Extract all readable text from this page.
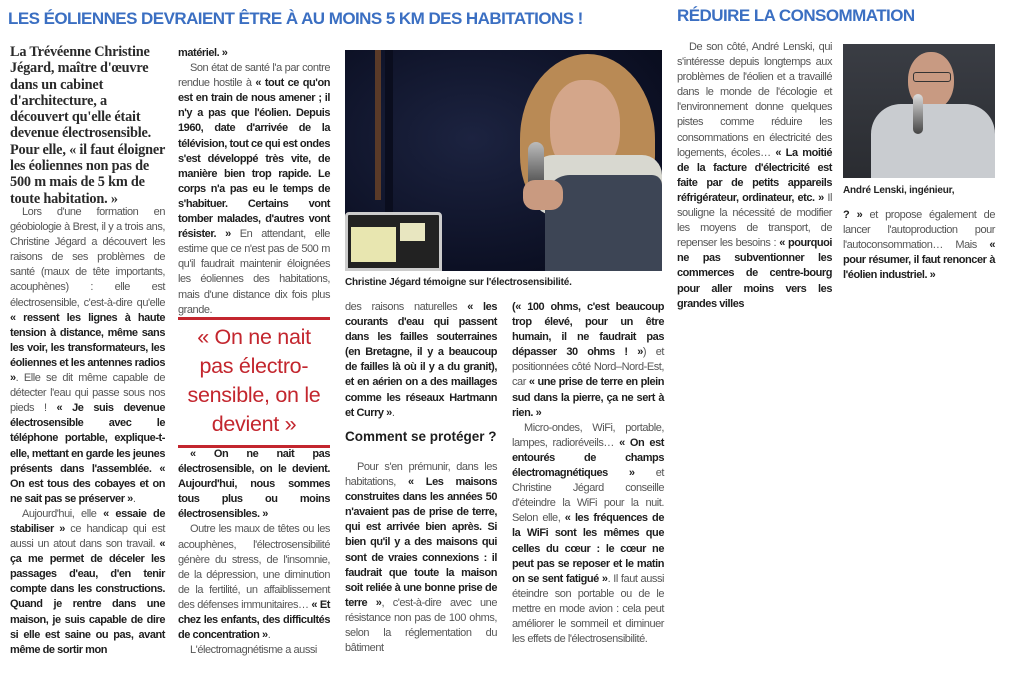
LES ÉOLIENNES DEVRAIENT ÊTRE À AU MOINS 5 KM DES HABITATIONS !	RÉDUIRE LA CONSOMMATION
La Trévéenne Christine Jégard, maître d'œuvre dans un cabinet d'architecture, a découvert qu'elle était devenue électrosensible. Pour elle, « il faut éloigner les éoliennes non pas de 500 m mais de 5 km de toute habitation. »

Lors d'une formation en géobiologie à Brest, il y a trois ans, Christine Jégard a découvert les raisons de ses problèmes de santé (maux de tête importants, acouphènes) : elle est électrosensible, c'est-à-dire qu'elle « ressent les lignes à haute tension à distance, même sans les voir, les transformateurs, les éoliennes et les antennes radios ». Elle se dit même capable de détecter l'eau qui passe sous nos pieds ! « Je suis devenue électrosensible avec le téléphone portable, explique-t-elle, mettant en garde les jeunes présents dans l'assemblée. « On est tous des cobayes et on ne sait pas se préserver ».

Aujourd'hui, elle « essaie de stabiliser » ce handicap qui est aussi un atout dans son travail. « ça me permet de déceler les passages d'eau, d'en tenir compte dans les constructions. Quand je rentre dans une maison, je suis capable de dire si elle est saine ou pas, avant même de sortir mon

matériel. »

Son état de santé l'a par contre rendue hostile à « tout ce qu'on est en train de nous amener ; il n'y a pas que l'éolien. Depuis 1960, date d'arrivée de la télévision, tout ce qui est ondes s'est développé très vite, de manière bien trop rapide. Le corps n'a pas eu le temps de s'habituer. Certains vont tomber malades, d'autres vont résister. » En attendant, elle estime que ce n'est pas de 500 m qu'il faudrait maintenir éloignées les éoliennes des habitations, mais d'une distance dix fois plus grande.

« On ne nait pas électrosensible, on le devient »

« On ne nait pas électrosensible, on le devient. Aujourd'hui, nous sommes tous plus ou moins électrosensibles. »

Outre les maux de têtes ou les acouphènes, l'électrosensibilité génère du stress, de l'insomnie, de la dépression, une diminution de la fertilité, un affaiblissement des défenses immunitaires… « Et chez les enfants, des difficultés de concentration ».

L'électromagnétisme a aussi

Christine Jégard témoigne sur l'électrosensibilité.

des raisons naturelles « les courants d'eau qui passent dans les failles souterraines (en Bretagne, il y a beaucoup de failles là où il y a du granit), et en aérien on a des maillages comme les réseaux Hartmann et Curry ».

Comment se protéger ?

Pour s'en prémunir, dans les habitations, « Les maisons construites dans les années 50 n'avaient pas de prise de terre, qui est arrivée bien après. Si bien qu'il y a des maisons qui sont de vraies connexions : il faudrait que toute la maison soit reliée à une bonne prise de terre », c'est-à-dire avec une résistance non pas de 100 ohms, selon la réglementation du bâtiment

(« 100 ohms, c'est beaucoup trop élevé, pour un être humain, il ne faudrait pas dépasser 30 ohms ! ») et positionnées côté Nord–Nord-Est, car « une prise de terre en plein sud dans la pierre, ça ne sert à rien. »

Micro-ondes, WiFi, portable, lampes, radioréveils… « On est entourés de champs électromagnétiques » et Christine Jégard conseille d'éteindre la WiFi pour la nuit. Selon elle, « les fréquences de la WiFi sont les mêmes que celles du cœur : le cœur ne peut pas se reposer et le matin on se sent fatigué ». Il faut aussi éteindre son portable ou de le mettre en mode avion : cela peut améliorer le sommeil et diminuer les effets de l'électrosensibilité.

De son côté, André Lenski, qui s'intéresse depuis longtemps aux problèmes de l'éolien et a travaillé dans le monde de l'écologie et l'environnement donne quelques pistes comme réduire les consommations en électricité des logements, écoles… « La moitié de la facture d'électricité est faite par de petits appareils réfrigérateur, ordinateur, etc. » Il souligne la nécessité de modifier les moyens de transport, de repenser les besoins : « pourquoi ne pas subventionner les commerces de centre-bourg pour aller moins vers les grandes villes

André Lenski, ingénieur,

? » et propose également de lancer l'autoproduction pour l'autoconsommation… Mais « pour résumer, il faut renoncer à l'éolien industriel. »
